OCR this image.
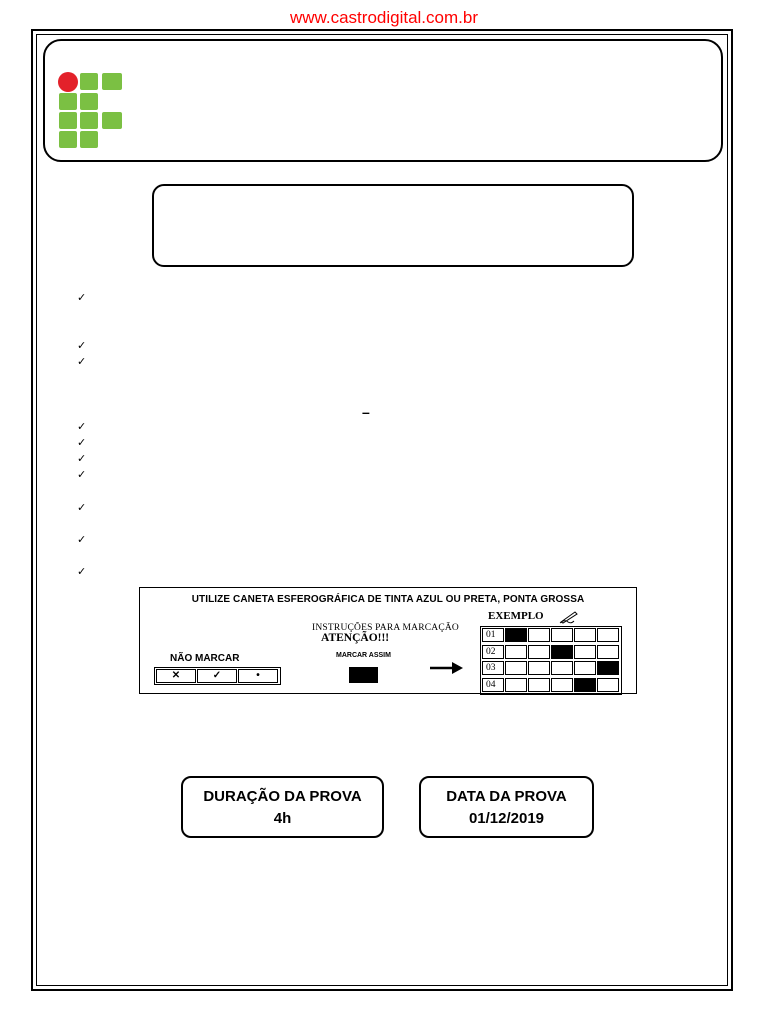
www.castrodigital.com.br
✓
✓
✓
–
✓
✓
✓
✓
✓
✓
✓
UTILIZE CANETA ESFEROGRÁFICA DE TINTA AZUL OU PRETA, PONTA GROSSA
INSTRUÇÕES PARA MARCAÇÃO
ATENÇÃO!!!
NÃO MARCAR
✕	✓	•
MARCAR ASSIM
EXEMPLO
01
02
03
04
DURAÇÃO DA PROVA
4h
DATA DA PROVA
01/12/2019
